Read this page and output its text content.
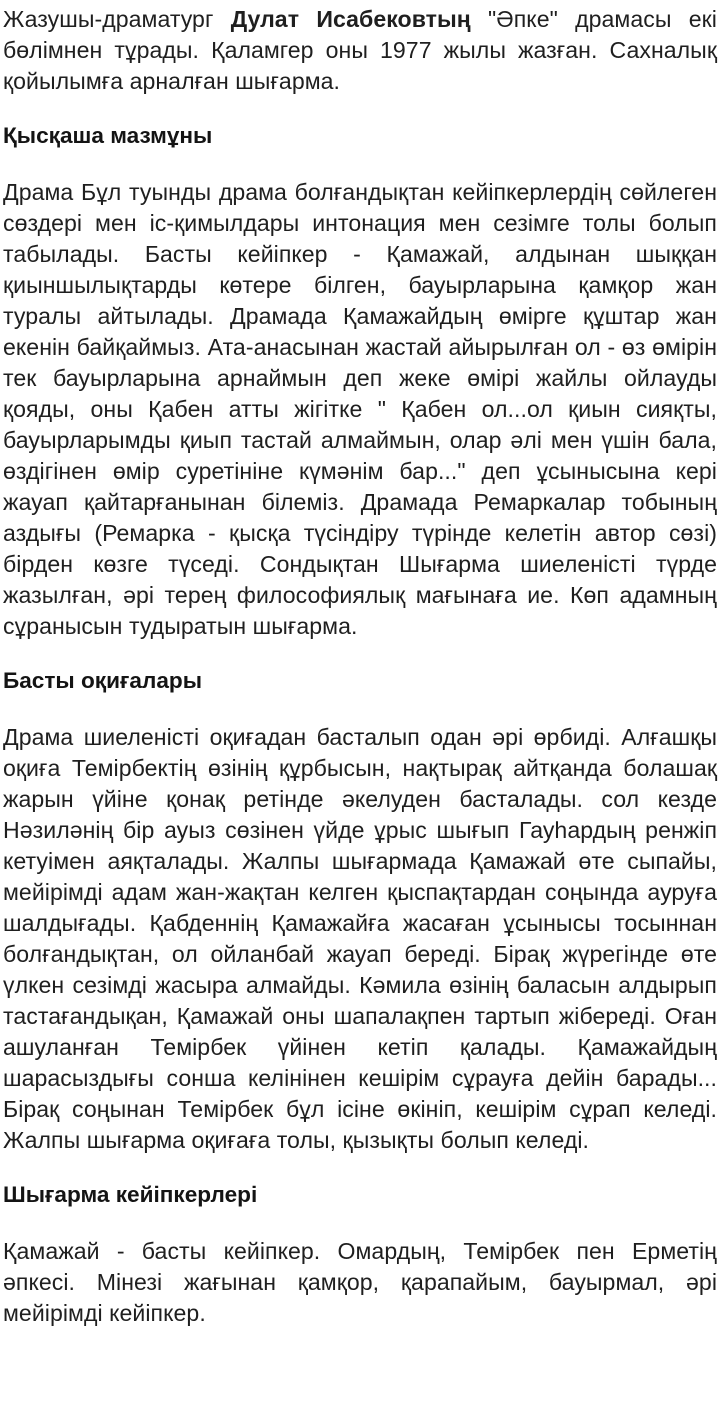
Жазушы-драматург Дулат Исабековтың "Әпке" драмасы екі бөлімнен тұрады. Қаламгер оны 1977 жылы жазған. Сахналық қойылымға арналған шығарма.

Қысқаша мазмұны

Драма Бұл туынды драма болғандықтан кейіпкерлердің сөйлеген сөздері мен іс-қимылдары интонация мен сезімге толы болып табылады. Басты кейіпкер - Қамажай, алдынан шыққан қиыншылықтарды көтере білген, бауырларына қамқор жан туралы айтылады. Драмада Қамажайдың өмірге құштар жан екенін байқаймыз. Ата-анасынан жастай айырылған ол - өз өмірін тек бауырларына арнаймын деп жеке өмірі жайлы ойлауды қояды, оны Қабен атты жігітке " Қабен ол...ол қиын сияқты, бауырларымды қиып тастай алмаймын, олар әлі мен үшін бала, өздігінен өмір суретініне күмәнім бар..." деп ұсынысына кері жауап қайтарғанынан білеміз. Драмада Ремаркалар тобының аздығы (Ремарка - қысқа түсіндіру түрінде келетін автор сөзі) бірден көзге түседі. Сондықтан Шығарма шиеленісті түрде жазылған, әрі терең философиялық мағынаға ие. Көп адамның сұранысын тудыратын шығарма.

Басты оқиғалары

Драма шиеленісті оқиғадан басталып одан әрі өрбиді. Алғашқы оқиға Темірбектің өзінің құрбысын, нақтырақ айтқанда болашақ жарын үйіне қонақ ретінде әкелуден басталады. сол кезде Нәзиләнің бір ауыз сөзінен үйде ұрыс шығып Гауһардың ренжіп кетуімен аяқталады. Жалпы шығармада Қамажай өте сыпайы, мейірімді адам жан-жақтан келген қыспақтардан соңында ауруға шалдығады. Қабденнің Қамажайға жасаған ұсынысы тосыннан болғандықтан, ол ойланбай жауап береді. Бірақ жүрегінде өте үлкен сезімді жасыра алмайды. Кәмила өзінің баласын алдырып тастағандықан, Қамажай оны шапалақпен тартып жібереді. Оған ашуланған Темірбек үйінен кетіп қалады. Қамажайдың шарасыздығы сонша келінінен кешірім сұрауға дейін барады... Бірақ соңынан Темірбек бұл ісіне өкініп, кешірім сұрап келеді. Жалпы шығарма оқиғаға толы, қызықты болып келеді.

Шығарма кейіпкерлері

Қамажай - басты кейіпкер. Омардың, Темірбек пен Ерметің әпкесі. Мінезі жағынан қамқор, қарапайым, бауырмал, әрі мейірімді кейіпкер.
